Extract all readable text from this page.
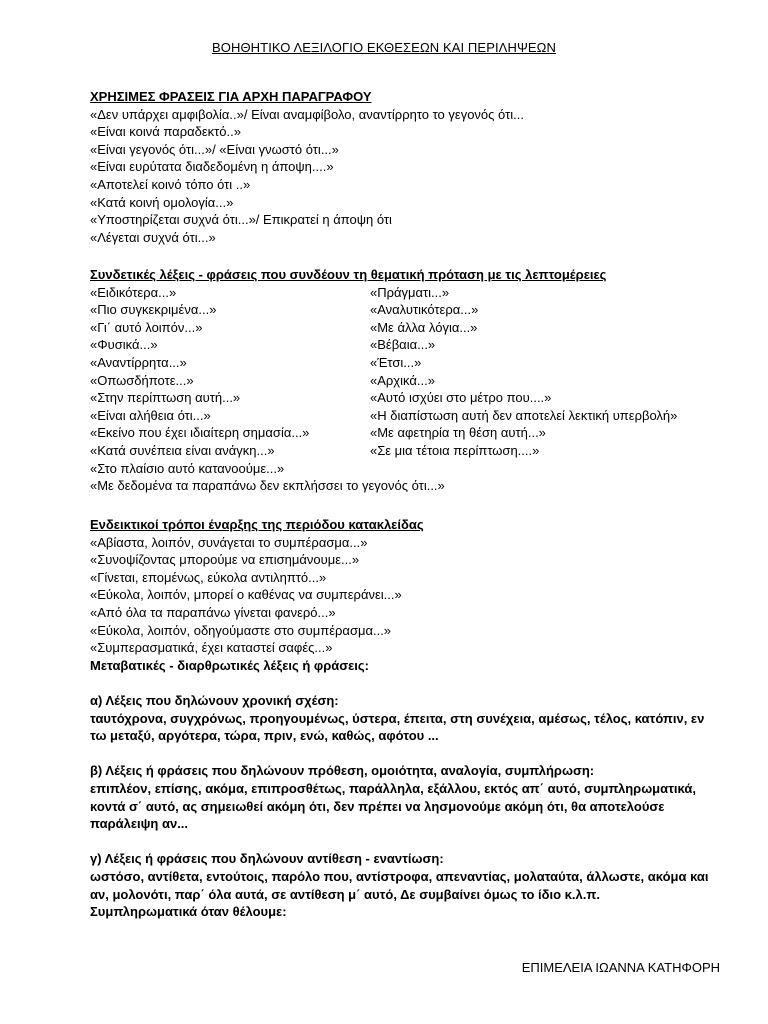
ΒΟΗΘΗΤΙΚΟ ΛΕΞΙΛΟΓΙΟ ΕΚΘΕΣΕΩΝ ΚΑΙ ΠΕΡΙΛΗΨΕΩΝ
ΧΡΗΣΙΜΕΣ ΦΡΑΣΕΙΣ ΓΙΑ ΑΡΧΗ ΠΑΡΑΓΡΑΦΟΥ
«Δεν υπάρχει αμφιβολία..»/ Είναι αναμφίβολο, αναντίρρητο το γεγονός ότι...
«Είναι κοινά παραδεκτό..»
«Είναι γεγονός ότι...»/ «Είναι γνωστό ότι...»
«Είναι ευρύτατα διαδεδομένη η άποψη....»
«Αποτελεί κοινό τόπο ότι ..»
«Κατά κοινή ομολογία...»
«Υποστηρίζεται συχνά ότι...»/ Επικρατεί η άποψη ότι
«Λέγεται συχνά ότι...»
Συνδετικές λέξεις - φράσεις που συνδέουν τη θεματική πρόταση με τις λεπτομέρειες
«Ειδικότερα...»	«Πράγματι...»
«Πιο συγκεκριμένα...»	«Αναλυτικότερα...»
«Γι΄ αυτό λοιπόν...»	«Με άλλα λόγια...»
«Φυσικά...»	«Βέβαια...»
«Αναντίρρητα...»	«Έτσι...»
«Οπωσδήποτε...»	«Αρχικά...»
«Στην περίπτωση αυτή...»	«Αυτό ισχύει στο μέτρο που....»
«Είναι αλήθεια ότι...»	«Η διαπίστωση αυτή δεν αποτελεί λεκτική υπερβολή»
«Εκείνο που έχει ιδιαίτερη σημασία...»	«Με αφετηρία τη θέση αυτή...»
«Κατά συνέπεια είναι ανάγκη...»	«Σε μια τέτοια περίπτωση....»
«Στο πλαίσιο αυτό κατανοούμε...»
«Με δεδομένα τα παραπάνω δεν εκπλήσσει το γεγονός ότι...»
Ενδεικτικοί τρόποι έναρξης της περιόδου κατακλείδας
«Αβίαστα, λοιπόν, συνάγεται το συμπέρασμα...»
«Συνοψίζοντας μπορούμε να επισημάνουμε...»
«Γίνεται, επομένως, εύκολα αντιληπτό...»
«Εύκολα, λοιπόν, μπορεί ο καθένας να συμπεράνει...»
«Από όλα τα παραπάνω γίνεται φανερό...»
«Εύκολα, λοιπόν, οδηγούμαστε στο συμπέρασμα...»
«Συμπερασματικά, έχει καταστεί σαφές...»
Μεταβατικές - διαρθρωτικές λέξεις ή φράσεις:
α) Λέξεις που δηλώνουν χρονική σχέση:
ταυτόχρονα, συγχρόνως, προηγουμένως, ύστερα, έπειτα, στη συνέχεια, αμέσως, τέλος, κατόπιν, εν τω μεταξύ, αργότερα, τώρα, πριν, ενώ, καθώς, αφότου ...
β) Λέξεις ή φράσεις που δηλώνουν πρόθεση, ομοιότητα, αναλογία, συμπλήρωση:
επιπλέον, επίσης, ακόμα, επιπροσθέτως, παράλληλα, εξάλλου, εκτός απ΄ αυτό, συμπληρωματικά, κοντά σ΄ αυτό, ας σημειωθεί ακόμη ότι, δεν πρέπει να λησμονούμε ακόμη ότι, θα αποτελούσε παράλειψη αν...
γ) Λέξεις ή φράσεις που δηλώνουν αντίθεση - εναντίωση:
ωστόσο, αντίθετα, εντούτοις, παρόλο που, αντίστροφα, απεναντίας, μολαταύτα, άλλωστε, ακόμα και αν, μολονότι, παρ΄ όλα αυτά, σε αντίθεση μ΄ αυτό, Δε συμβαίνει όμως το ίδιο κ.λ.π.
Συμπληρωματικά όταν θέλουμε:
ΕΠΙΜΕΛΕΙΑ ΙΩΑΝΝΑ ΚΑΤΗΦΟΡΗ
